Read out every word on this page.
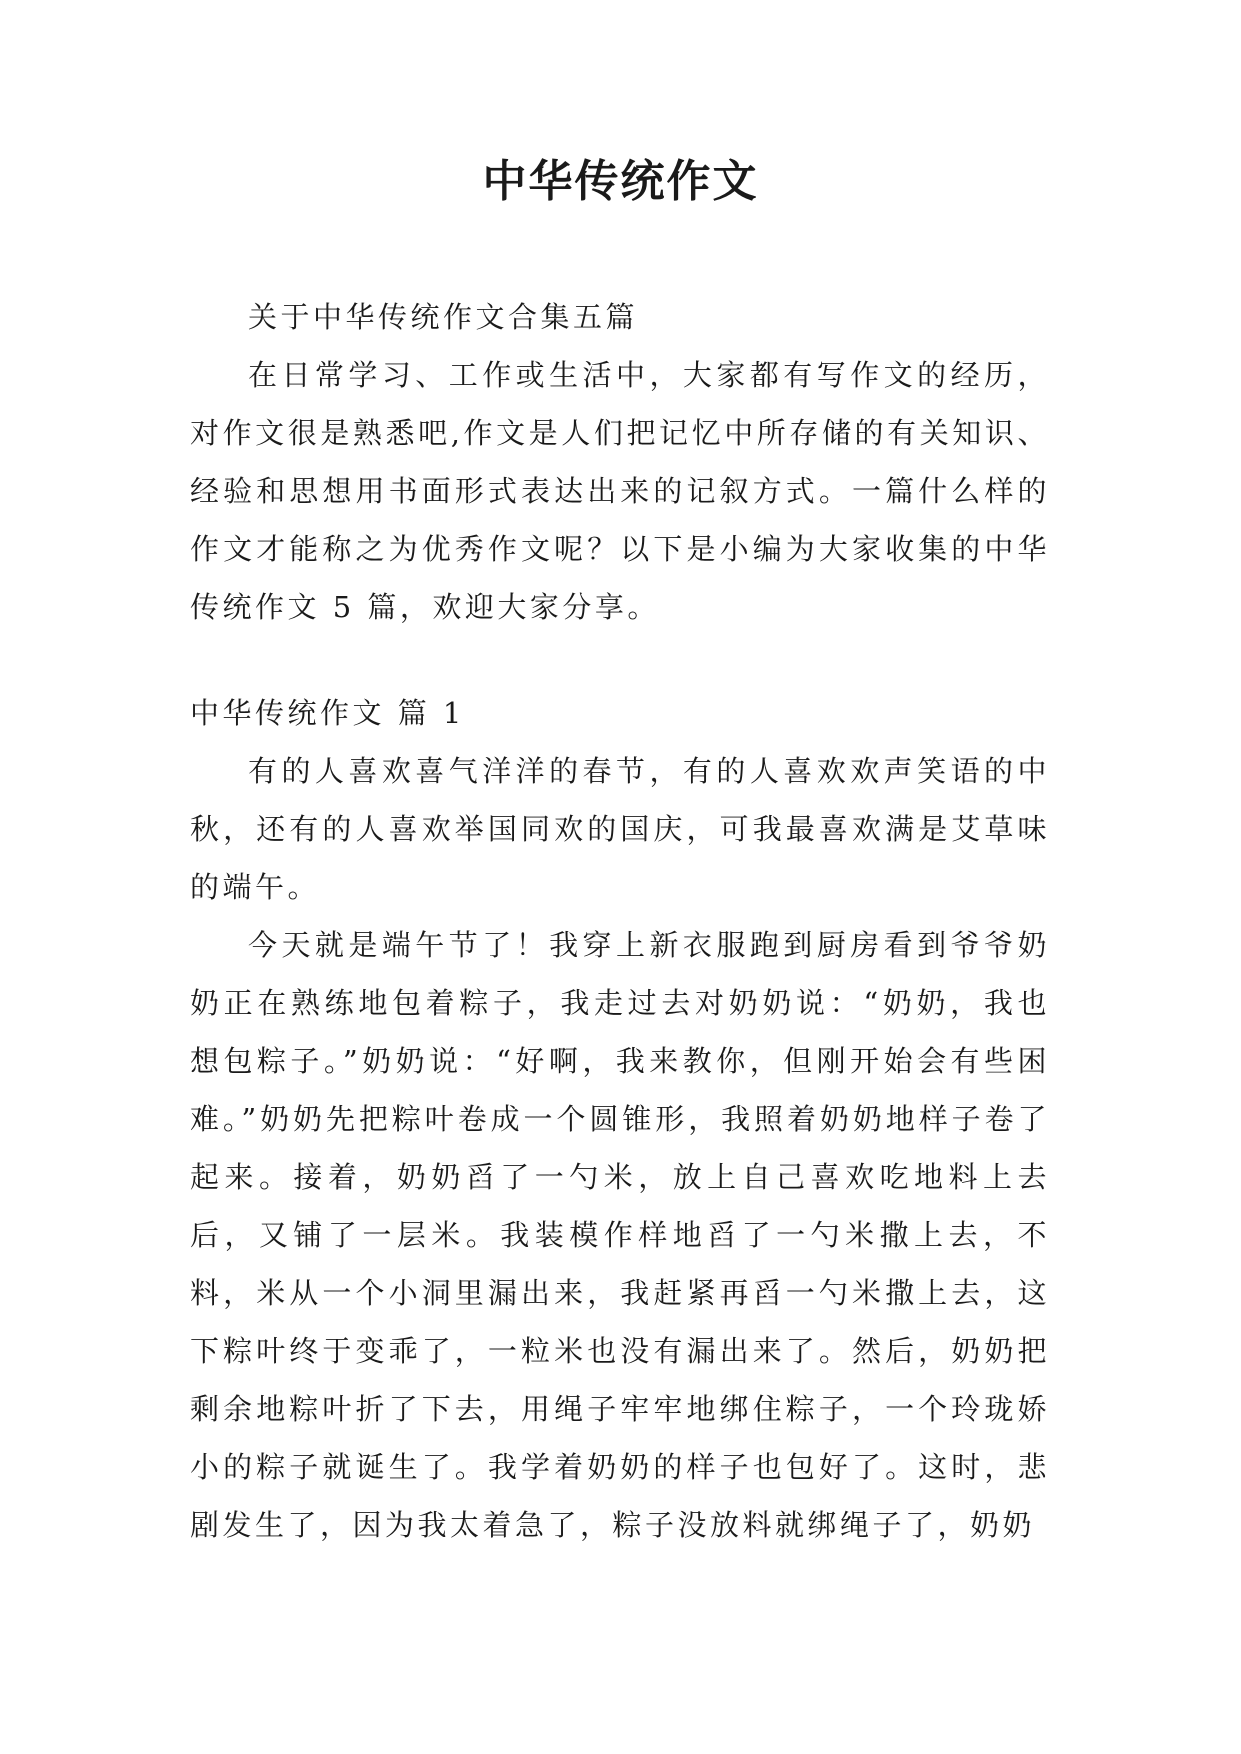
中华传统作文

关于中华传统作文合集五篇

在日常学习、工作或生活中，大家都有写作文的经历，对作文很是熟悉吧,作文是人们把记忆中所存储的有关知识、经验和思想用书面形式表达出来的记叙方式。一篇什么样的作文才能称之为优秀作文呢？以下是小编为大家收集的中华传统作文 5 篇，欢迎大家分享。

中华传统作文 篇 1

有的人喜欢喜气洋洋的春节，有的人喜欢欢声笑语的中秋，还有的人喜欢举国同欢的国庆，可我最喜欢满是艾草味的端午。

今天就是端午节了！我穿上新衣服跑到厨房看到爷爷奶奶正在熟练地包着粽子，我走过去对奶奶说：“奶奶，我也想包粽子。”奶奶说：“好啊，我来教你，但刚开始会有些困难。”奶奶先把粽叶卷成一个圆锥形，我照着奶奶地样子卷了起来。接着，奶奶舀了一勺米，放上自己喜欢吃地料上去后，又铺了一层米。我装模作样地舀了一勺米撒上去，不料，米从一个小洞里漏出来，我赶紧再舀一勺米撒上去，这下粽叶终于变乖了，一粒米也没有漏出来了。然后，奶奶把剩余地粽叶折了下去，用绳子牢牢地绑住粽子，一个玲珑娇小的粽子就诞生了。我学着奶奶的样子也包好了。这时，悲剧发生了，因为我太着急了，粽子没放料就绑绳子了，奶奶
